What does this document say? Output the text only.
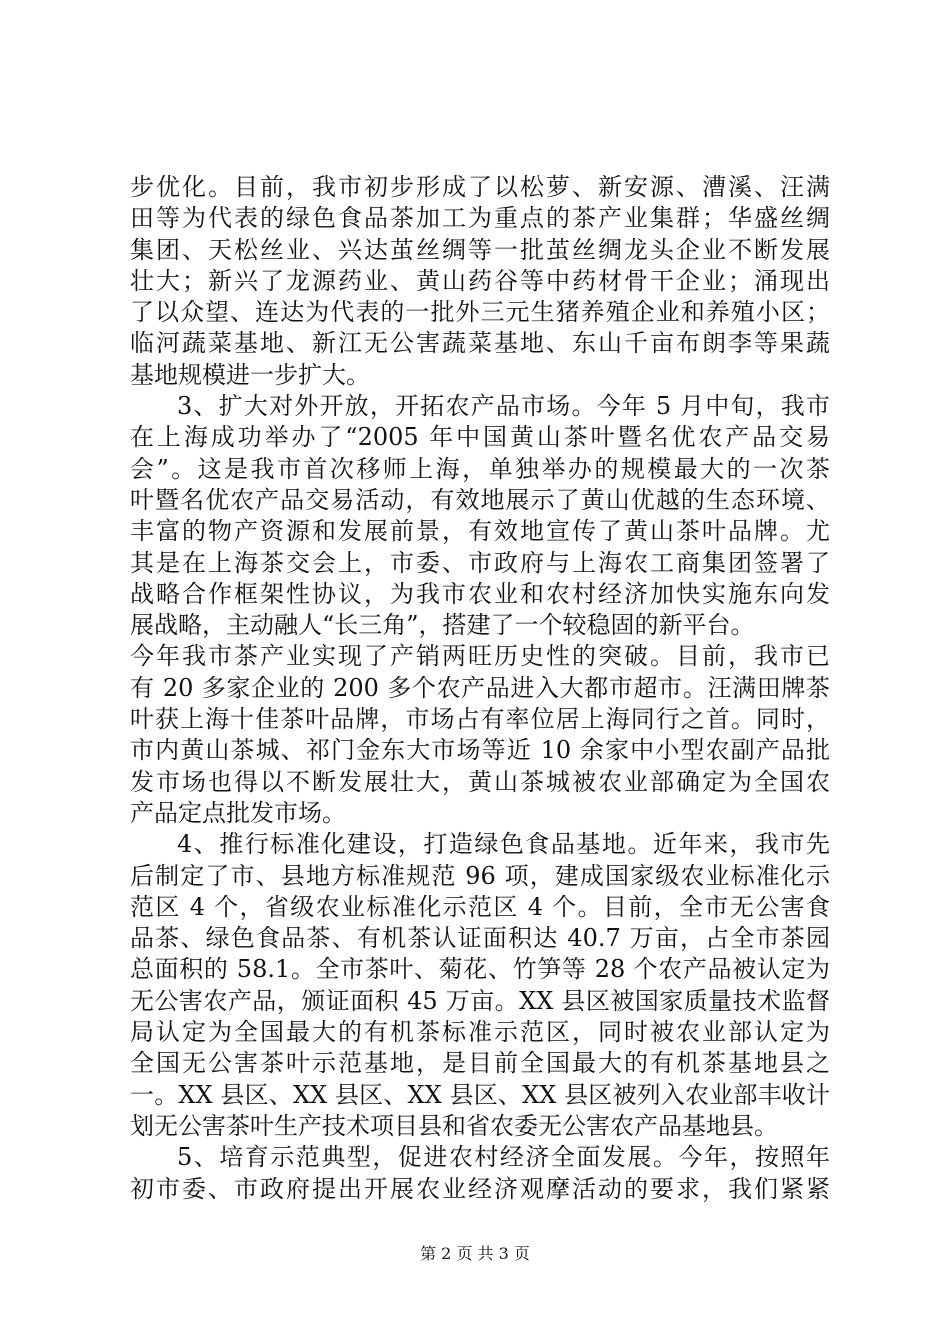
步优化。目前，我市初步形成了以松萝、新安源、漕溪、汪满
田等为代表的绿色食品茶加工为重点的茶产业集群；华盛丝绸
集团、天松丝业、兴达茧丝绸等一批茧丝绸龙头企业不断发展
壮大；新兴了龙源药业、黄山药谷等中药材骨干企业；涌现出
了以众望、连达为代表的一批外三元生猪养殖企业和养殖小区；
临河蔬菜基地、新江无公害蔬菜基地、东山千亩布朗李等果蔬
基地规模进一步扩大。
3、扩大对外开放，开拓农产品市场。今年 5 月中旬，我市
在上海成功举办了“2005 年中国黄山茶叶暨名优农产品交易
会”。这是我市首次移师上海，单独举办的规模最大的一次茶
叶暨名优农产品交易活动，有效地展示了黄山优越的生态环境、
丰富的物产资源和发展前景，有效地宣传了黄山茶叶品牌。尤
其是在上海茶交会上，市委、市政府与上海农工商集团签署了
战略合作框架性协议，为我市农业和农村经济加快实施东向发
展战略，主动融人“长三角”，搭建了一个较稳固的新平台。
今年我市茶产业实现了产销两旺历史性的突破。目前，我市已
有 20 多家企业的 200 多个农产品进入大都市超市。汪满田牌茶
叶获上海十佳茶叶品牌，市场占有率位居上海同行之首。同时，
市内黄山茶城、祁门金东大市场等近 10 余家中小型农副产品批
发市场也得以不断发展壮大，黄山茶城被农业部确定为全国农
产品定点批发市场。
4、推行标准化建设，打造绿色食品基地。近年来，我市先
后制定了市、县地方标准规范 96 项，建成国家级农业标准化示
范区 4 个，省级农业标准化示范区 4 个。目前，全市无公害食
品茶、绿色食品茶、有机茶认证面积达 40.7 万亩，占全市茶园
总面积的 58.1。全市茶叶、菊花、竹笋等 28 个农产品被认定为
无公害农产品，颁证面积 45 万亩。XX 县区被国家质量技术监督
局认定为全国最大的有机茶标准示范区，同时被农业部认定为
全国无公害茶叶示范基地，是目前全国最大的有机茶基地县之
一。XX 县区、XX 县区、XX 县区、XX 县区被列入农业部丰收计
划无公害茶叶生产技术项目县和省农委无公害农产品基地县。
5、培育示范典型，促进农村经济全面发展。今年，按照年
初市委、市政府提出开展农业经济观摩活动的要求，我们紧紧
第 2 页 共 3 页
